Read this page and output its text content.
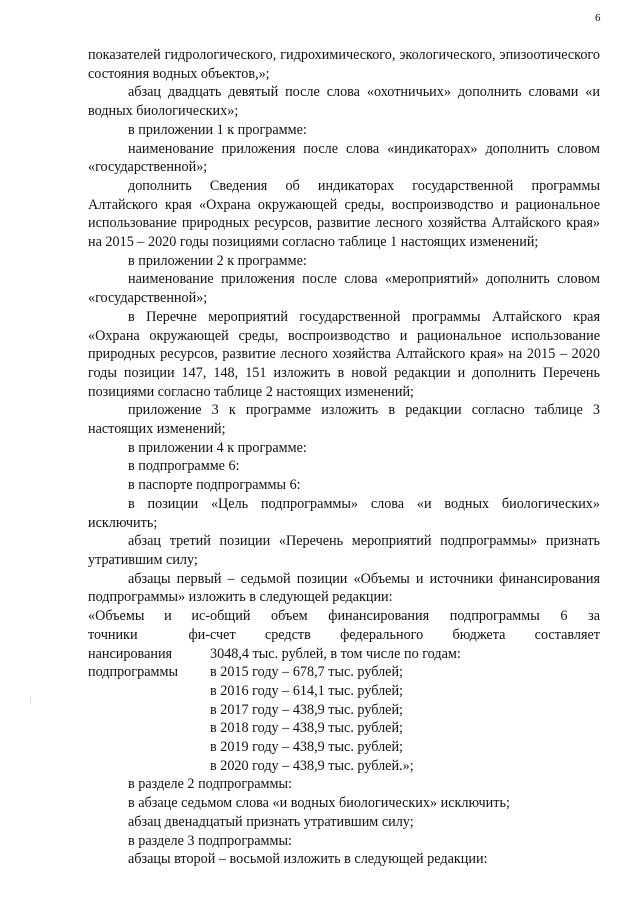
6

показателей гидрологического, гидрохимического, экологического, эпизоотического состояния водных объектов,»;

абзац двадцать девятый после слова «охотничьих» дополнить словами «и водных биологических»;

в приложении 1 к программе:

наименование приложения после слова «индикаторах» дополнить словом «государственной»;

дополнить Сведения об индикаторах государственной программы Алтайского края «Охрана окружающей среды, воспроизводство и рациональное использование природных ресурсов, развитие лесного хозяйства Алтайского края» на 2015 – 2020 годы позициями согласно таблице 1 настоящих изменений;

в приложении 2 к программе:

наименование приложения после слова «мероприятий» дополнить словом «государственной»;

в Перечне мероприятий государственной программы Алтайского края «Охрана окружающей среды, воспроизводство и рациональное использование природных ресурсов, развитие лесного хозяйства Алтайского края» на 2015 – 2020 годы позиции 147, 148, 151 изложить в новой редакции и дополнить Перечень позициями согласно таблице 2 настоящих изменений;

приложение 3 к программе изложить в редакции согласно таблице 3 настоящих изменений;

в приложении 4 к программе:

в подпрограмме 6:

в паспорте подпрограммы 6:

в позиции «Цель подпрограммы» слова «и водных биологических» исключить;

абзац третий позиции «Перечень мероприятий подпрограммы» признать утратившим силу;

абзацы первый – седьмой позиции «Объемы и источники финансирования подпрограммы» изложить в следующей редакции:

«Объемы и ис- общий объем финансирования подпрограммы 6 за

точники фи- счет средств федерального бюджета составляет

нансирования	3048,4 тыс. рублей, в том числе по годам:

подпрограммы	в 2015 году – 678,7 тыс. рублей;

в 2016 году – 614,1 тыс. рублей;

в 2017 году – 438,9 тыс. рублей;

в 2018 году – 438,9 тыс. рублей;

в 2019 году – 438,9 тыс. рублей;

в 2020 году – 438,9 тыс. рублей.»;

в разделе 2 подпрограммы:

в абзаце седьмом слова «и водных биологических» исключить;

абзац двенадцатый признать утратившим силу;

в разделе 3 подпрограммы:

абзацы второй – восьмой изложить в следующей редакции:
